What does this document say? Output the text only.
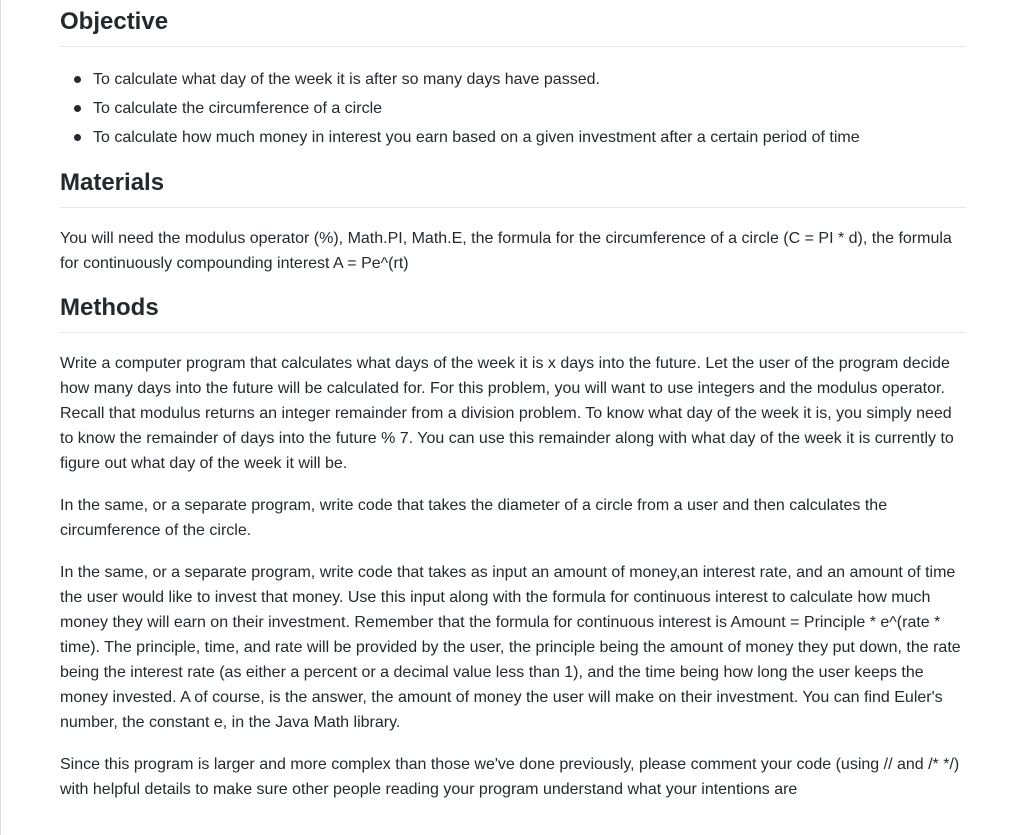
Objective
To calculate what day of the week it is after so many days have passed.
To calculate the circumference of a circle
To calculate how much money in interest you earn based on a given investment after a certain period of time
Materials

You will need the modulus operator (%), Math.PI, Math.E, the formula for the circumference of a circle (C = PI * d), the formula for continuously compounding interest A = Pe^(rt)

Methods

Write a computer program that calculates what days of the week it is x days into the future. Let the user of the program decide how many days into the future will be calculated for. For this problem, you will want to use integers and the modulus operator. Recall that modulus returns an integer remainder from a division problem. To know what day of the week it is, you simply need to know the remainder of days into the future % 7. You can use this remainder along with what day of the week it is currently to figure out what day of the week it will be.

In the same, or a separate program, write code that takes the diameter of a circle from a user and then calculates the circumference of the circle.

In the same, or a separate program, write code that takes as input an amount of money,an interest rate, and an amount of time the user would like to invest that money. Use this input along with the formula for continuous interest to calculate how much money they will earn on their investment. Remember that the formula for continuous interest is Amount = Principle * e^(rate * time). The principle, time, and rate will be provided by the user, the principle being the amount of money they put down, the rate being the interest rate (as either a percent or a decimal value less than 1), and the time being how long the user keeps the money invested. A of course, is the answer, the amount of money the user will make on their investment. You can find Euler's number, the constant e, in the Java Math library.

Since this program is larger and more complex than those we've done previously, please comment your code (using // and /* */) with helpful details to make sure other people reading your program understand what your intentions are
